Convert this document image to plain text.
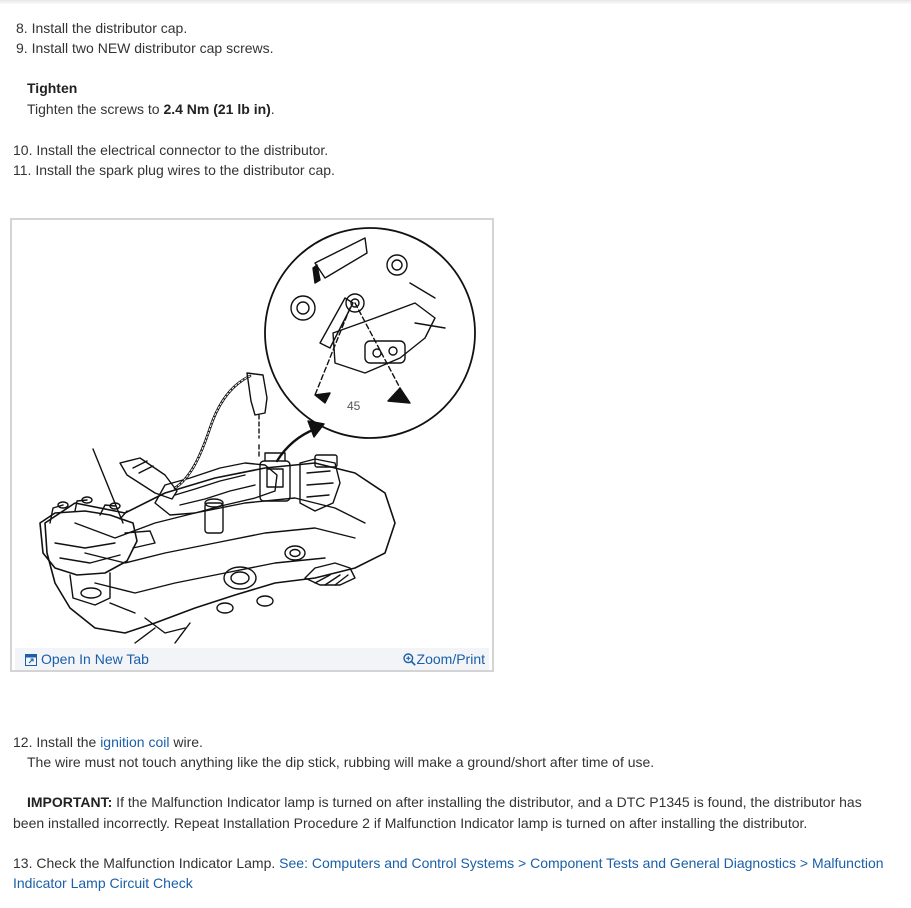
8. Install the distributor cap.
9. Install two NEW distributor cap screws.
Tighten
Tighten the screws to 2.4 Nm (21 lb in).
10. Install the electrical connector to the distributor.
11. Install the spark plug wires to the distributor cap.
45
Open In New Tab	Zoom/Print
12. Install the ignition coil wire.
The wire must not touch anything like the dip stick, rubbing will make a ground/short after time of use.
IMPORTANT: If the Malfunction Indicator lamp is turned on after installing the distributor, and a DTC P1345 is found, the distributor has
been installed incorrectly. Repeat Installation Procedure 2 if Malfunction Indicator lamp is turned on after installing the distributor.
13. Check the Malfunction Indicator Lamp. See: Computers and Control Systems > Component Tests and General Diagnostics > Malfunction
Indicator Lamp Circuit Check
